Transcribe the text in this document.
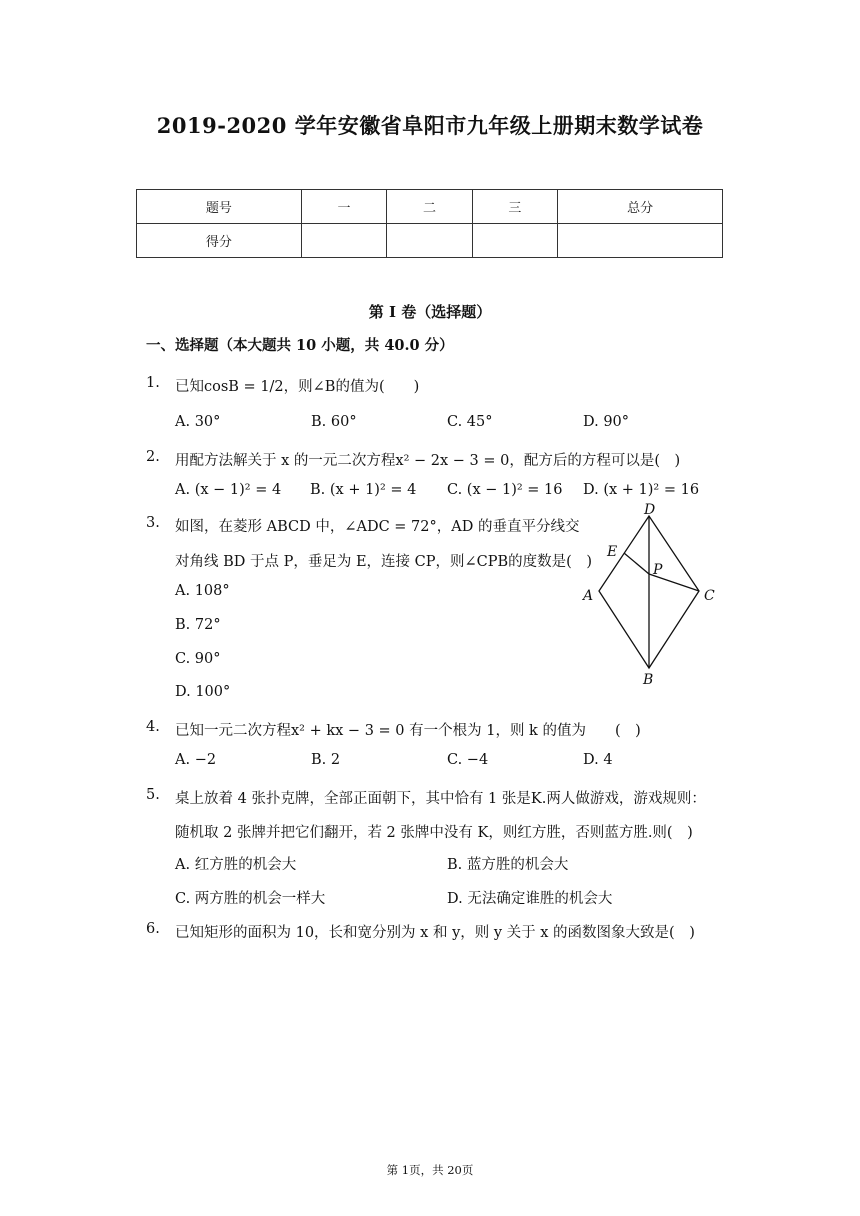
2019-2020 学年安徽省阜阳市九年级上册期末数学试卷
题号	一	二	三	总分
得分				
第 I 卷（选择题）
一、选择题（本大题共 10 小题，共 40.0 分）
1. 已知cosB = 1/2，则∠B的值为(　　)
A. 30°	B. 60°	C. 45°	D. 90°
2. 用配方法解关于 x 的一元二次方程x² − 2x − 3 = 0，配方后的方程可以是(　)
A. (x − 1)² = 4 B. (x + 1)² = 4 C. (x − 1)² = 16 D. (x + 1)² = 16
3. 如图，在菱形 ABCD 中，∠ADC = 72°，AD 的垂直平分线交
对角线 BD 于点 P，垂足为 E，连接 CP，则∠CPB的度数是(　)
A. 108°
B. 72°
C. 90°
D. 100°
D
A	C
B
E
P
4. 已知一元二次方程x² + kx − 3 = 0 有一个根为 1，则 k 的值为　　(　)
A. −2	B. 2	C. −4	D. 4
5. 桌上放着 4 张扑克牌，全部正面朝下，其中恰有 1 张是K.两人做游戏，游戏规则：
随机取 2 张牌并把它们翻开，若 2 张牌中没有 K，则红方胜，否则蓝方胜.则(　)
A. 红方胜的机会大	B. 蓝方胜的机会大
C. 两方胜的机会一样大	D. 无法确定谁胜的机会大
6. 已知矩形的面积为 10，长和宽分别为 x 和 y，则 y 关于 x 的函数图象大致是(　)
第 1页，共 20页
